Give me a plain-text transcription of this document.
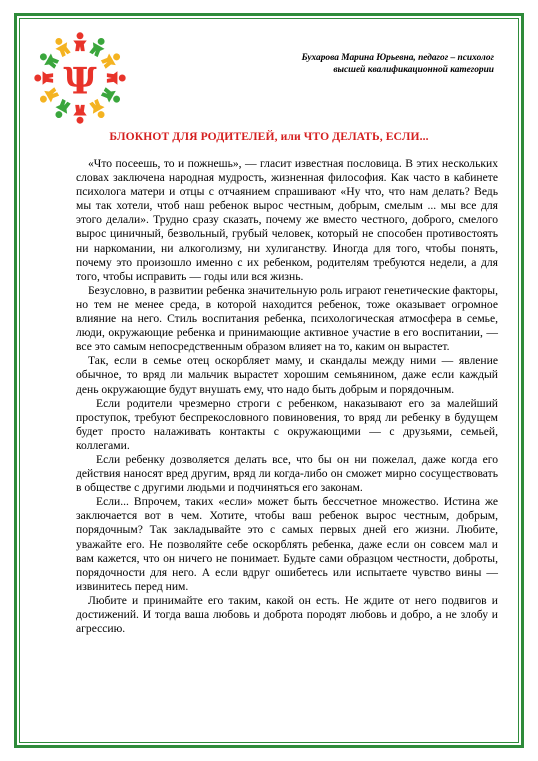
Ψ
Бухарова Марина Юрьевна, педагог – психолог
высшей квалификационной категории
БЛОКНОТ ДЛЯ РОДИТЕЛЕЙ, или ЧТО ДЕЛАТЬ, ЕСЛИ...

«Что посеешь, то и пожнешь», — гласит известная пословица. В этих нескольких словах заключена народная мудрость, жизненная философия. Как часто в кабинете психолога матери и отцы с отчаянием спрашивают «Ну что, что нам делать? Ведь мы так хотели, чтоб наш ребенок вырос честным, добрым, смелым ... мы все для этого делали». Трудно сразу сказать, почему же вместо честного, доброго, смелого вырос циничный, безвольный, грубый человек, который не способен противостоять ни наркомании, ни алкоголизму, ни хулиганству. Иногда для того, чтобы понять, почему это произошло именно с их ребенком, родителям требуются недели, а для того, чтобы исправить — годы или вся жизнь.

Безусловно, в развитии ребенка значительную роль играют генетические факторы, но тем не менее среда, в которой находится ребенок, тоже оказывает огромное влияние на него. Стиль воспитания ребенка, психологическая атмосфера в семье, люди, окружающие ребенка и принимающие активное участие в его воспитании, — все это самым непосредственным образом влияет на то, каким он вырастет.

Так, если в семье отец оскорбляет маму, и скандалы между ними — явление обычное, то вряд ли мальчик вырастет хорошим семьянином, даже если каждый день окружающие будут внушать ему, что надо быть добрым и порядочным.

Если родители чрезмерно строги с ребенком, наказывают его за малейший проступок, требуют беспрекословного повиновения, то вряд ли ребенку в будущем будет просто налаживать контакты с окружающими — с друзьями, семьей, коллегами.

Если ребенку дозволяется делать все, что бы он ни пожелал, даже когда его действия наносят вред другим, вряд ли когда-либо он сможет мирно сосуществовать в обществе с другими людьми и подчиняться его законам.

Если... Впрочем, таких «если» может быть бессчетное множество. Истина же заключается вот в чем. Хотите, чтобы ваш ребенок вырос честным, добрым, порядочным? Так закладывайте это с самых первых дней его жизни. Любите, уважайте его. Не позволяйте себе оскорблять ребенка, даже если он совсем мал и вам кажется, что он ничего не понимает. Будьте сами образцом честности, доброты, порядочности для него. А если вдруг ошибетесь или испытаете чувство вины — извинитесь перед ним.

Любите и принимайте его таким, какой он есть. Не ждите от него подвигов и достижений. И тогда ваша любовь и доброта породят любовь и добро, а не злобу и агрессию.
